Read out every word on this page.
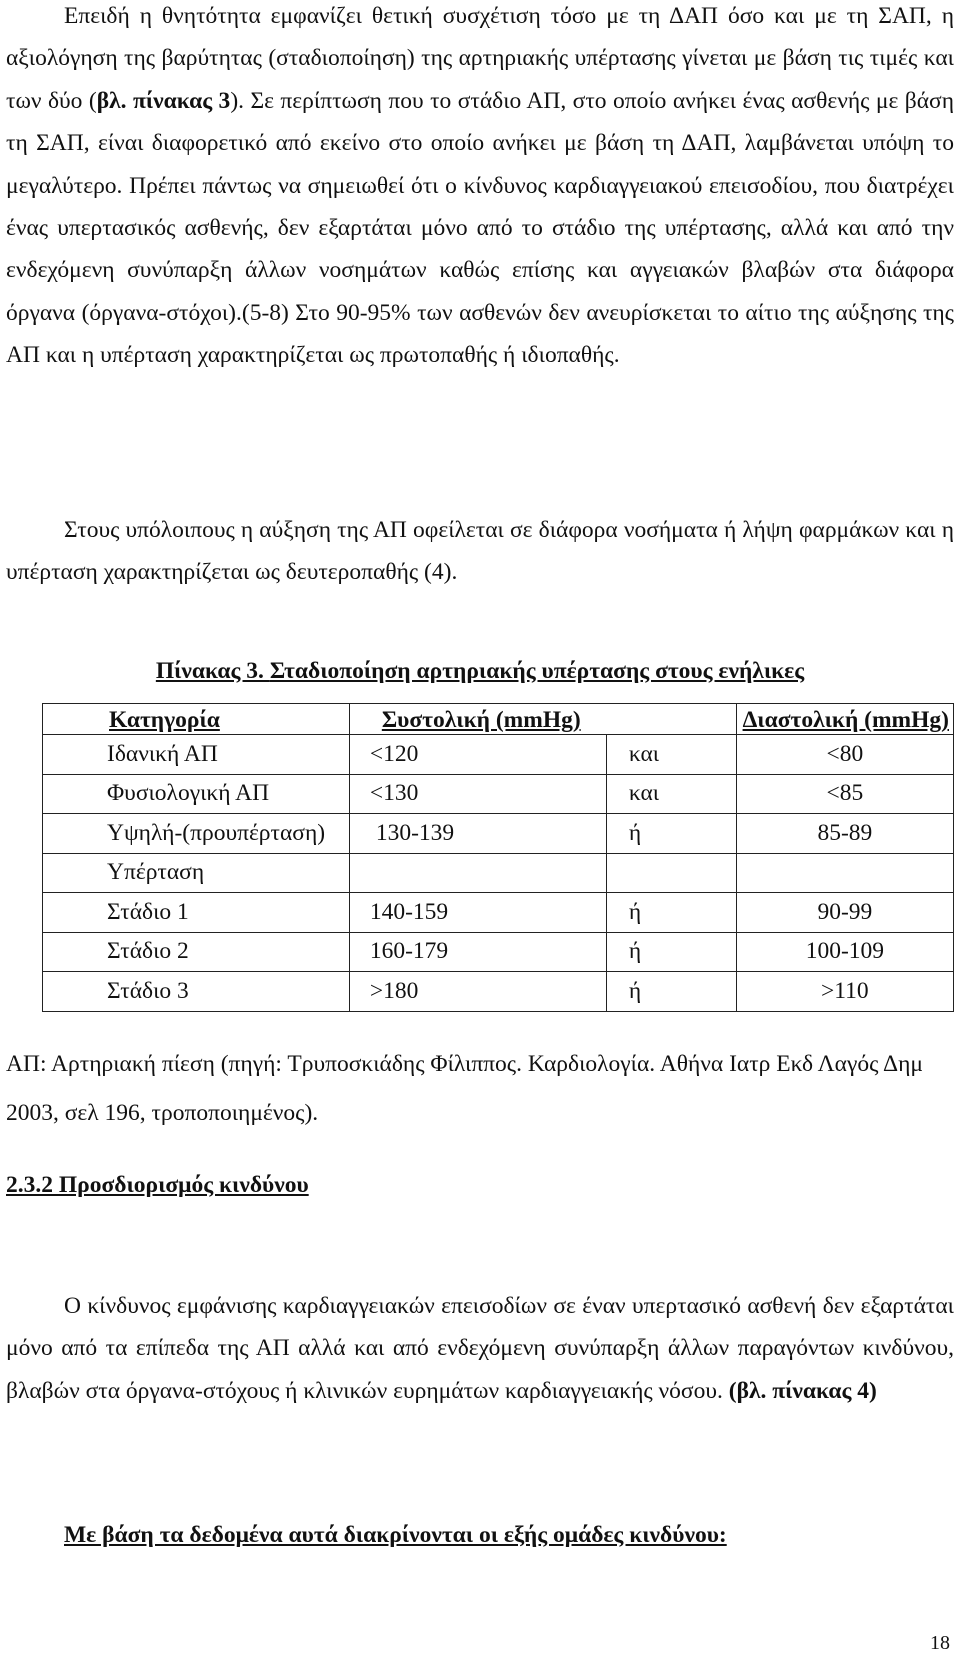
Επειδή η θνητότητα εμφανίζει θετική συσχέτιση τόσο με τη ΔΑΠ όσο και με τη ΣΑΠ, η αξιολόγηση της βαρύτητας (σταδιοποίηση) της αρτηριακής υπέρτασης γίνεται με βάση τις τιμές και των δύο (βλ. πίνακας 3). Σε περίπτωση που το στάδιο ΑΠ, στο οποίο ανήκει ένας ασθενής με βάση τη ΣΑΠ, είναι διαφορετικό από εκείνο στο οποίο ανήκει με βάση τη ΔΑΠ, λαμβάνεται υπόψη το μεγαλύτερο. Πρέπει πάντως να σημειωθεί ότι ο κίνδυνος καρδιαγγειακού επεισοδίου, που διατρέχει ένας υπερτασικός ασθενής, δεν εξαρτάται μόνο από το στάδιο της υπέρτασης, αλλά και από την ενδεχόμενη συνύπαρξη άλλων νοσημάτων καθώς επίσης και αγγειακών βλαβών στα διάφορα όργανα (όργανα-στόχοι).(5-8) Στο 90-95% των ασθενών δεν ανευρίσκεται το αίτιο της αύξησης της ΑΠ και η υπέρταση χαρακτηρίζεται ως πρωτοπαθής ή ιδιοπαθής.

Στους υπόλοιπους η αύξηση της ΑΠ οφείλεται σε διάφορα νοσήματα ή λήψη φαρμάκων και η υπέρταση χαρακτηρίζεται ως δευτεροπαθής (4).

Πίνακας 3. Σταδιοποίηση αρτηριακής υπέρτασης στους ενήλικες

Κατηγορία	Συστολική (mmHg)		Διαστολική (mmHg)
Ιδανική ΑΠ	<120	και	<80
Φυσιολογική ΑΠ	<130	και	<85
Υψηλή-(προυπέρταση)	130-139	ή	85-89
Υπέρταση			
Στάδιο 1	140-159	ή	90-99
Στάδιο 2	160-179	ή	100-109
Στάδιο 3	>180	ή	>110

ΑΠ: Αρτηριακή πίεση (πηγή: Τρυποσκιάδης Φίλιππος. Καρδιολογία. Αθήνα Ιατρ Εκδ Λαγός Δημ 2003, σελ 196, τροποποιημένος).

2.3.2 Προσδιορισμός κινδύνου

Ο κίνδυνος εμφάνισης καρδιαγγειακών επεισοδίων σε έναν υπερτασικό ασθενή δεν εξαρτάται μόνο από τα επίπεδα της ΑΠ αλλά και από ενδεχόμενη συνύπαρξη άλλων παραγόντων κινδύνου, βλαβών στα όργανα-στόχους ή κλινικών ευρημάτων καρδιαγγειακής νόσου. (βλ. πίνακας 4)

Με βάση τα δεδομένα αυτά διακρίνονται οι εξής ομάδες κινδύνου:

18
